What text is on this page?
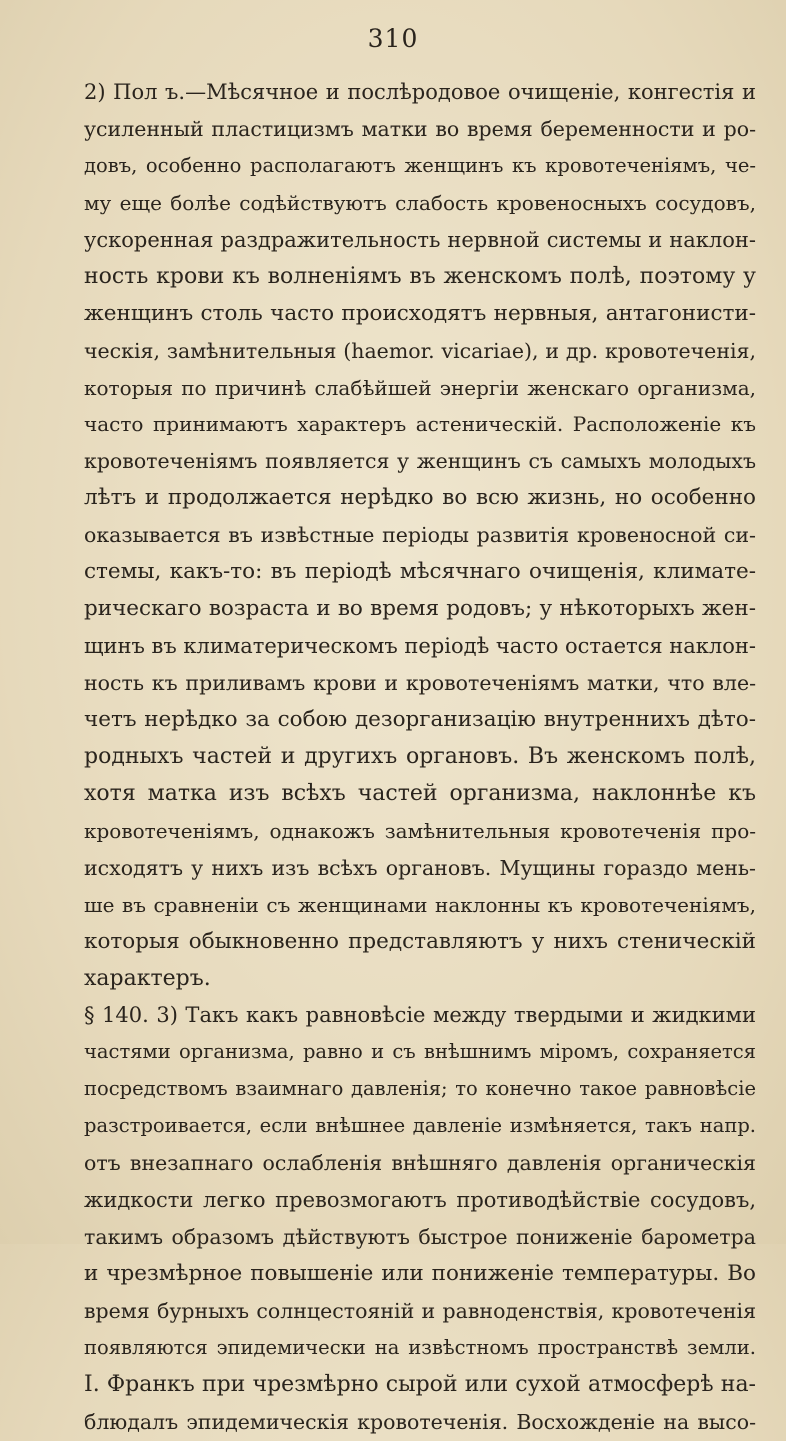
310
2) Пол ъ.—Мѣсячное и послѣродовое очищеніе, конгестія и
усиленный пластицизмъ матки во время беременности и ро-
довъ, особенно располагаютъ женщинъ къ кровотеченіямъ, че-
му еще болѣе содѣйствуютъ слабость кровеносныхъ сосудовъ,
ускоренная раздражительность нервной системы и наклон-
ность крови къ волненіямъ въ женскомъ полѣ, поэтому у
женщинъ столь часто происходятъ нервныя, антагонисти-
ческія, замѣнительныя (haemor. vicariae), и др. кровотеченія,
которыя по причинѣ слабѣйшей энергіи женскаго организма,
часто принимаютъ характеръ астеническій. Расположеніе къ
кровотеченіямъ появляется у женщинъ съ самыхъ молодыхъ
лѣтъ и продолжается нерѣдко во всю жизнь, но особенно
оказывается въ извѣстные періоды развитія кровеносной си-
стемы, какъ-то: въ періодѣ мѣсячнаго очищенія, климате-
рическаго возраста и во время родовъ; у нѣкоторыхъ жен-
щинъ въ климатерическомъ періодѣ часто остается наклон-
ность къ приливамъ крови и кровотеченіямъ матки, что вле-
четъ нерѣдко за собою дезорганизацію внутреннихъ дѣто-
родныхъ частей и другихъ органовъ. Въ женскомъ полѣ,
хотя матка изъ всѣхъ частей организма, наклоннѣе къ
кровотеченіямъ, однакожъ замѣнительныя кровотеченія про-
исходятъ у нихъ изъ всѣхъ органовъ. Мущины гораздо мень-
ше въ сравненіи съ женщинами наклонны къ кровотеченіямъ,
которыя обыкновенно представляютъ у нихъ стеническій
характеръ.
§ 140. 3) Такъ какъ равновѣсіе между твердыми и жидкими
частями организма, равно и съ внѣшнимъ міромъ, сохраняется
посредствомъ взаимнаго давленія; то конечно такое равновѣсіе
разстроивается, если внѣшнее давленіе измѣняется, такъ напр.
отъ внезапнаго ослабленія внѣшняго давленія органическія
жидкости легко превозмогаютъ противодѣйствіе сосудовъ,
такимъ образомъ дѣйствуютъ быстрое пониженіе барометра
и чрезмѣрное повышеніе или пониженіе температуры. Во
время бурныхъ солнцестояній и равноденствія, кровотеченія
появляются эпидемически на извѣстномъ пространствѣ земли.
І. Франкъ при чрезмѣрно сырой или сухой атмосферѣ на-
блюдалъ эпидемическія кровотеченія. Восхожденіе на высо-
